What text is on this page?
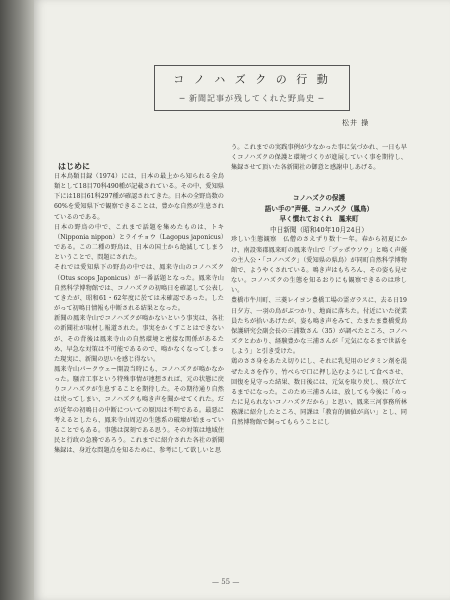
コ ノ ハ ズ ク の 行 動
─ 新聞記事が残してくれた野鳥史 ─
松井 操
はじめに

日本鳥類目録（1974）には、日本の最上から知られる全鳥類として18目70科490種が記載されている。その中、愛知県下には18目61科297種が確認されてきた。日本の全野鳥数の60%を愛知県下で観察できることは、豊かな自然が生息されているのである。

日本の野鳥の中で、これまで話題を集めたものは、トキ（Nipponia nippon）とライチョウ（Lagopus japonicus）である。この二種の野鳥は、日本の国土から絶滅してしまうということで、問題にされた。

それでは愛知県下の野鳥の中では、鳳来寺山のコノハズク（Otus scops Japonicus）が一番話題となった。鳳来寺山自然科学博物館では、コノハズクの初鳴日を確認して公表してきたが、昭和61・62年度に於ては未確認であった。したがって初鳴日情報も中断される結果となった。

新聞の鳳来寺山でコノハズクが鳴かないという事実は、各社の新聞社が取材し報道された。事実をかくすことはできないが、その背後は鳳来寺山の自然環境と密接な関係があるため、早急な対策は不可能であるので、鳴かなくなってしまった現実に、新聞の思いを感じ得ない。

鳳来寺山パークウェー開設当時にも、コノハズクが鳴かなかった。騒音工事という特殊事情が連想されば、元の状態に戻りコノハズクが生息することを期待した。その期待通り自然は戻ってしまい、コノハズクも鳴き声を聞かせてくれた。だが近年の初鳴日の中断についての原因は不明である。最悪に考えるとしたら、鳳来寺山周辺の生態系の破壊が始まっていることでもある。事態は深刻である思う。その対策は地域住民と行政の急務であろう。これまでに紹介された各社の新聞集録は、身近な問題点を知るために、参考にして欲しいと思

う。これまでの実践事例が少なかった事に気づかれ、一日も早くコノハズクの保護と環境づくりが進展していく事を期待し、集録させて頂いた各新聞社の御意と感謝申しあげる。

コノハズクの保護
語い手の"声優、コノハズク（鳳鳥）
早く慣れておくれ　鳳来町
中日新聞（昭和40年10月24日）

珍しい生態観察　仏僧のさえずり数十～年。春から初夏にかけ、南設楽郡鳳来町の鳳来寺山で「ブッポウソウ」と鳴く声優の主人公・「コノハズク」（愛知県の県鳥）が同町自然科学博物館で、ようやくされている。鳴き声はもちろん、その姿も見せない。コノハズクの生態を知るおりにも観察できるのは珍しい。

豊橋市牛川町、三菱レイヨン豊橋工場の霊ガラスに、去る日19日夕方、一羽の鳥がぶつかり、地面に落ちた。付近にいた従業員たちが拾いあげたが、姿も鳴き声をみて、たまたま豊橋愛鳥保護研究会副会長の三浦数さん（35）が調べたところ、コノハズクとわかり、経験豊かな三浦さんが「元気になるまで世話をしよう」と引き受けた。

鶏のささ身をあたえ切りにし、それに乳児用のビタミン剤を混ぜたえさを作り、竹べらで口に押し込むようにして食べさせ、回復を見守った結果、数日後には、元気を取り戻し、飛び立てるまでになった。このため三浦さんは、放しても今後に「めったに見られないコノハズクだから」と思い、鳳来三河事務所林務課に紹介したところ、同課は「教育的価値が高い」とし、同自然博物館で飼ってもらうことにし

— 55 —
